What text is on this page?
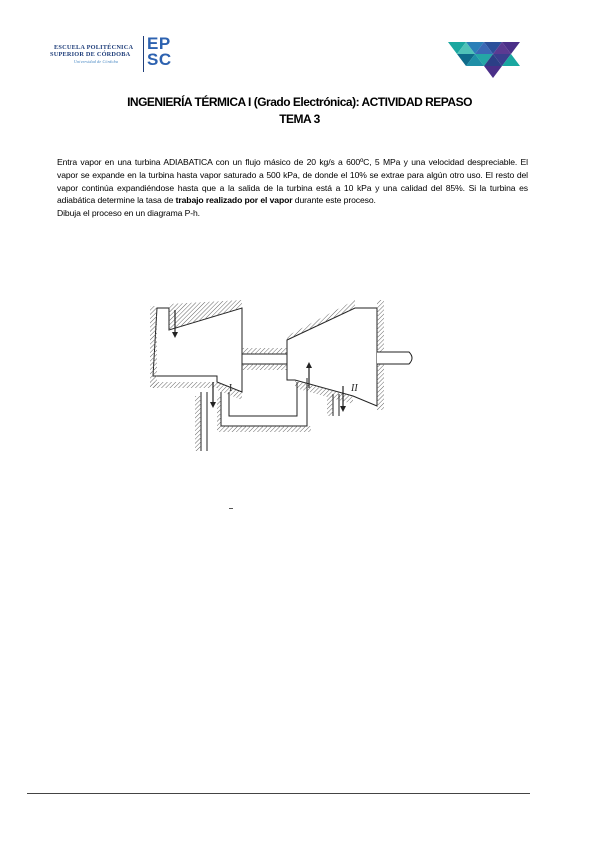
ESCUELA POLITÉCNICA
SUPERIOR DE CÓRDOBA
Universidad de Córdoba
EP
SC
INGENIERÍA TÉRMICA I (Grado Electrónica): ACTIVIDAD REPASO
TEMA 3

Entra vapor en una turbina ADIABATICA con un flujo másico de 20 kg/s a 600ºC, 5 MPa y una velocidad despreciable. El vapor se expande en la turbina hasta vapor saturado a 500 kPa, de donde el 10% se extrae para algún otro uso. El resto del vapor continúa expandiéndose hasta que a la salida de la turbina está a 10 kPa y una calidad del 85%. Si la turbina es adiabática determine la tasa de trabajo realizado por el vapor durante este proceso.

Dibuja el proceso en un diagrama P-h.

I	II
